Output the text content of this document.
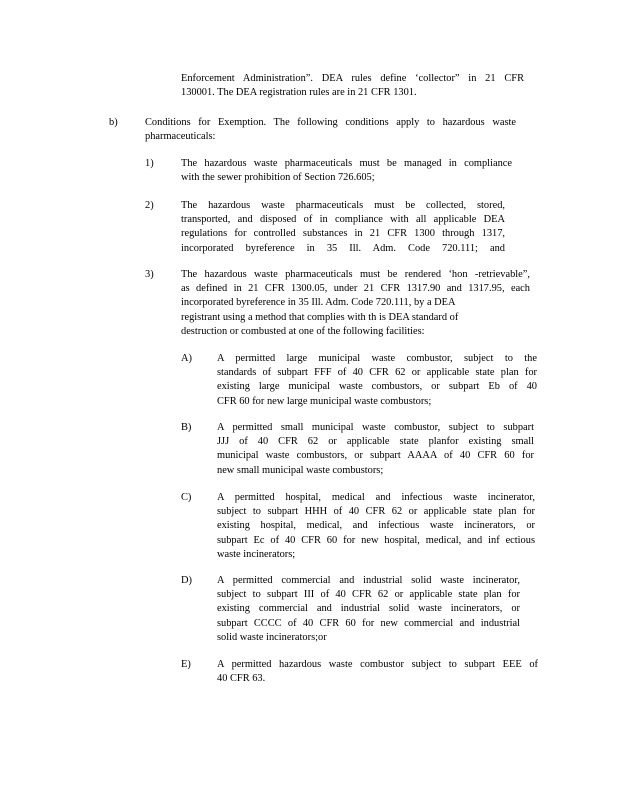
Enforcement Administration”. DEA rules define ‘collector” in 21 CFR
130001. The DEA registration rules are in 21 CFR 1301.
b)	Conditions for Exemption. The following conditions apply to hazardous waste
pharmaceuticals:
1)	The hazardous waste pharmaceuticals must be managed in compliance
with the sewer prohibition of Section 726.605;
2)	The hazardous waste pharmaceuticals must be collected, stored,
transported, and disposed of in compliance with all applicable DEA
regulations for controlled substances in 21 CFR 1300 through 1317,
incorporated byreference in 35 Ill. Adm. Code 720.111; and
3)	The hazardous waste pharmaceuticals must be rendered ‘hon -retrievable”,
as defined in 21 CFR 1300.05, under 21 CFR 1317.90 and 1317.95, each
incorporated byreference in 35 Ill. Adm. Code 720.111, by a DEA
registrant using a method that complies with th is DEA standard of
destruction or combusted at one of the following facilities:
A) A permitted large municipal waste combustor, subject to the
standards of subpart FFF of 40 CFR 62 or applicable state plan for
existing large municipal waste combustors, or subpart Eb of 40
CFR 60 for new large municipal waste combustors;
B) A permitted small municipal waste combustor, subject to subpart
JJJ of 40 CFR 62 or applicable state planfor existing small
municipal waste combustors, or subpart AAAA of 40 CFR 60 for
new small municipal waste combustors;
C) A permitted hospital, medical and infectious waste incinerator,
subject to subpart HHH of 40 CFR 62 or applicable state plan for
existing hospital, medical, and infectious waste incinerators, or
subpart Ec of 40 CFR 60 for new hospital, medical, and inf ectious
waste incinerators;
D) A permitted commercial and industrial solid waste incinerator,
subject to subpart III of 40 CFR 62 or applicable state plan for
existing commercial and industrial solid waste incinerators, or
subpart CCCC of 40 CFR 60 for new commercial and industrial
solid waste incinerators;or
E)	A permitted hazardous waste combustor subject to subpart EEE of
40 CFR 63.
